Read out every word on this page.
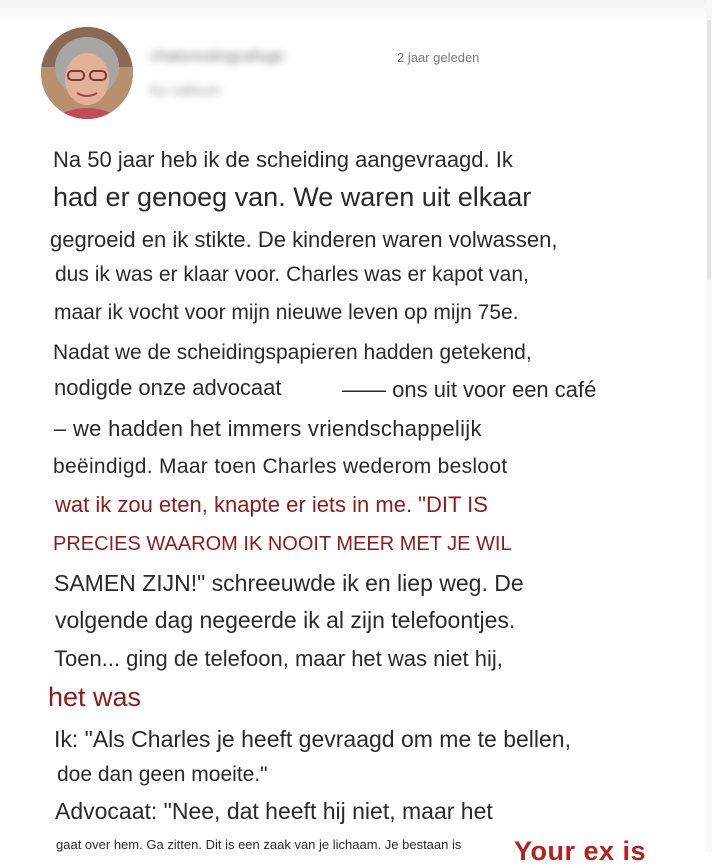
chatsrestingcafuge
by callsum
2 jaar geleden
Na 50 jaar heb ik de scheiding aangevraagd. Ik
had er genoeg van. We waren uit elkaar
gegroeid en ik stikte. De kinderen waren volwassen,
dus ik was er klaar voor. Charles was er kapot van,
maar ik vocht voor mijn nieuwe leven op mijn 75e.
Nadat we de scheidingspapieren hadden getekend,
nodigde onze advocaat	—— ons uit voor een café
– we hadden het immers vriendschappelijk
beëindigd. Maar toen Charles wederom besloot
wat ik zou eten, knapte er iets in me. "DIT IS
PRECIES WAAROM IK NOOIT MEER MET JE WIL
SAMEN ZIJN!" schreeuwde ik en liep weg. De
volgende dag negeerde ik al zijn telefoontjes.
Toen... ging de telefoon, maar het was niet hij,
het was
Ik: "Als Charles je heeft gevraagd om me te bellen,
doe dan geen moeite."
Advocaat: "Nee, dat heeft hij niet, maar het
gaat over hem. Ga zitten. Dit is een zaak van je lichaam. Je bestaan is Your ex is
